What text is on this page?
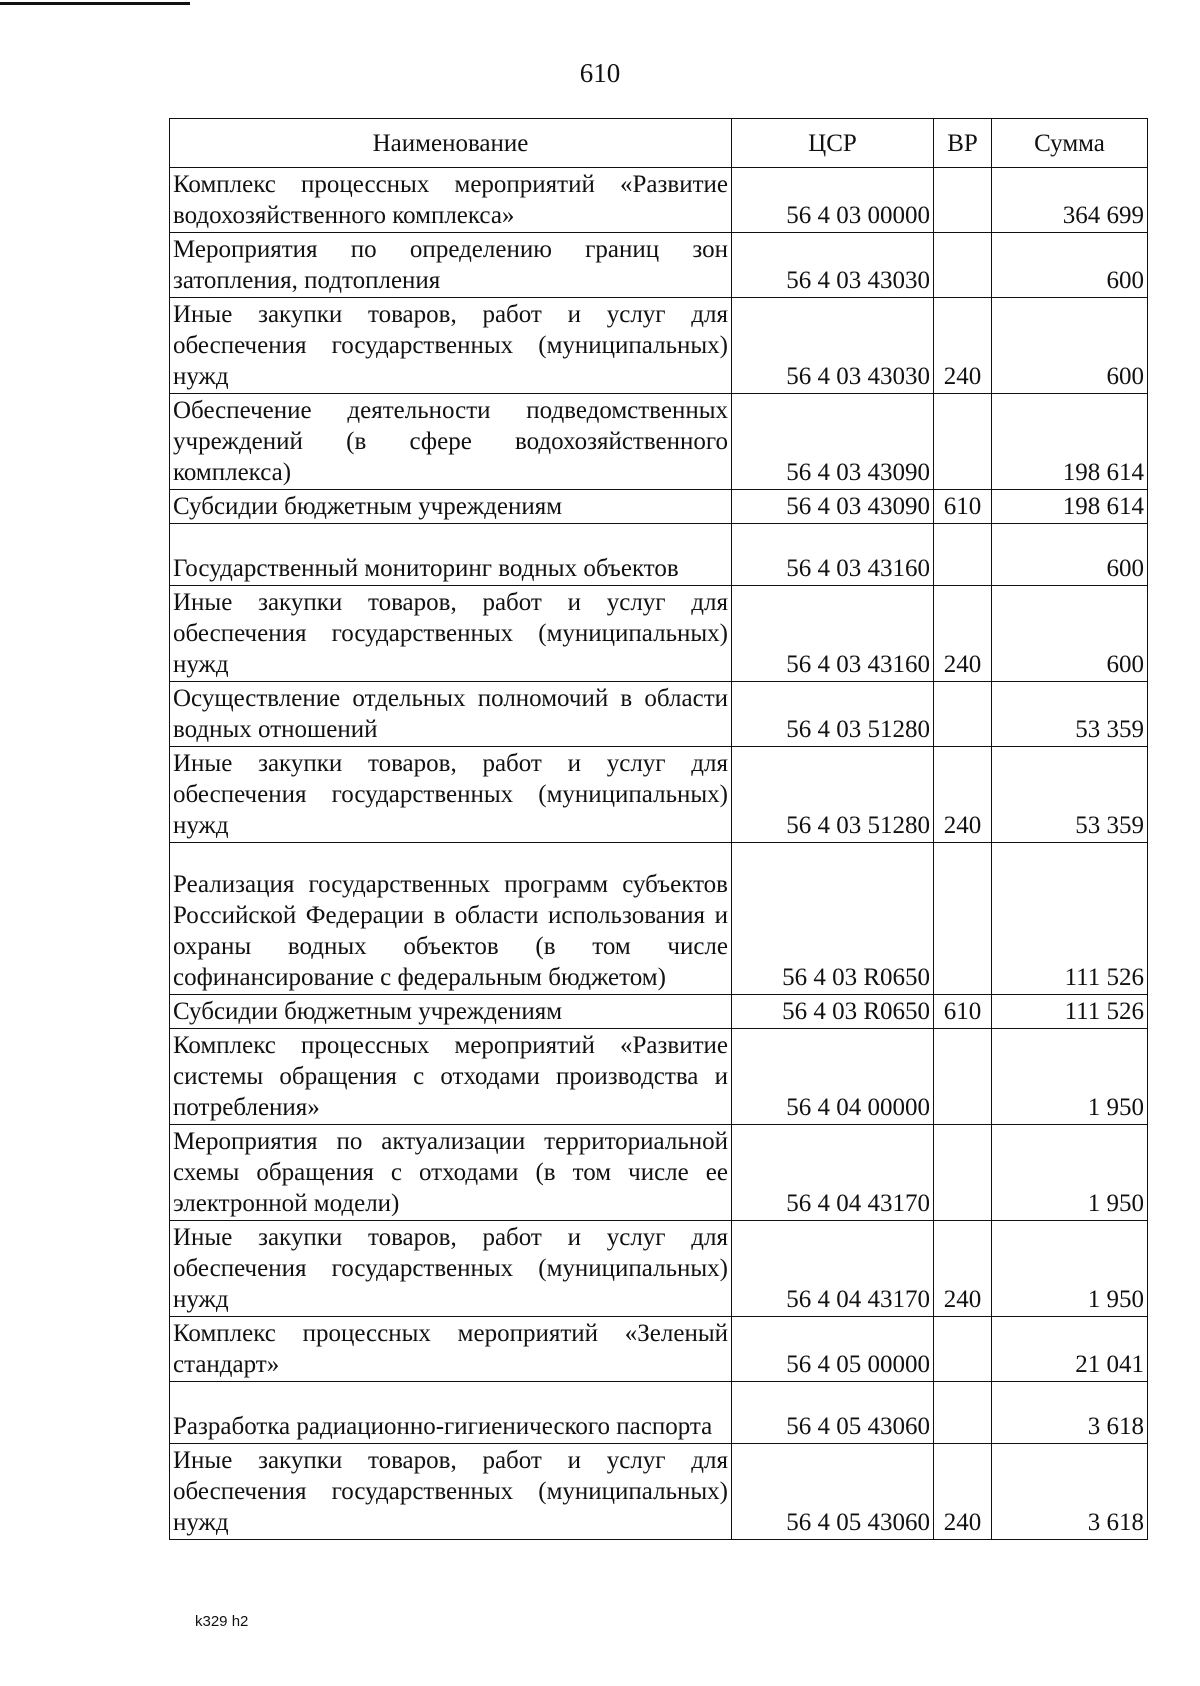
610
Наименование	ЦСР	ВР	Сумма
Комплекс процессных мероприятий «Развитие водохозяйственного комплекса»	56 4 03 00000		364 699
Мероприятия по определению границ зон затопления, подтопления	56 4 03 43030		600
Иные закупки товаров, работ и услуг для обеспечения государственных (муниципальных) нужд	56 4 03 43030	240	600
Обеспечение деятельности подведомственных учреждений (в сфере водохозяйственного комплекса)	56 4 03 43090		198 614
Субсидии бюджетным учреждениям	56 4 03 43090	610	198 614
Государственный мониторинг водных объектов	56 4 03 43160		600
Иные закупки товаров, работ и услуг для обеспечения государственных (муниципальных) нужд	56 4 03 43160	240	600
Осуществление отдельных полномочий в области водных отношений	56 4 03 51280		53 359
Иные закупки товаров, работ и услуг для обеспечения государственных (муниципальных) нужд	56 4 03 51280	240	53 359
Реализация государственных программ субъектов Российской Федерации в области использования и охраны водных объектов (в том числе софинансирование с федеральным бюджетом)	56 4 03 R0650		111 526
Субсидии бюджетным учреждениям	56 4 03 R0650	610	111 526
Комплекс процессных мероприятий «Развитие системы обращения с отходами производства и потребления»	56 4 04 00000		1 950
Мероприятия по актуализации территориальной схемы обращения с отходами (в том числе ее электронной модели)	56 4 04 43170		1 950
Иные закупки товаров, работ и услуг для обеспечения государственных (муниципальных) нужд	56 4 04 43170	240	1 950
Комплекс процессных мероприятий «Зеленый стандарт»	56 4 05 00000		21 041
Разработка радиационно-гигиенического паспорта	56 4 05 43060		3 618
Иные закупки товаров, работ и услуг для обеспечения государственных (муниципальных) нужд	56 4 05 43060	240	3 618
k329 h2
